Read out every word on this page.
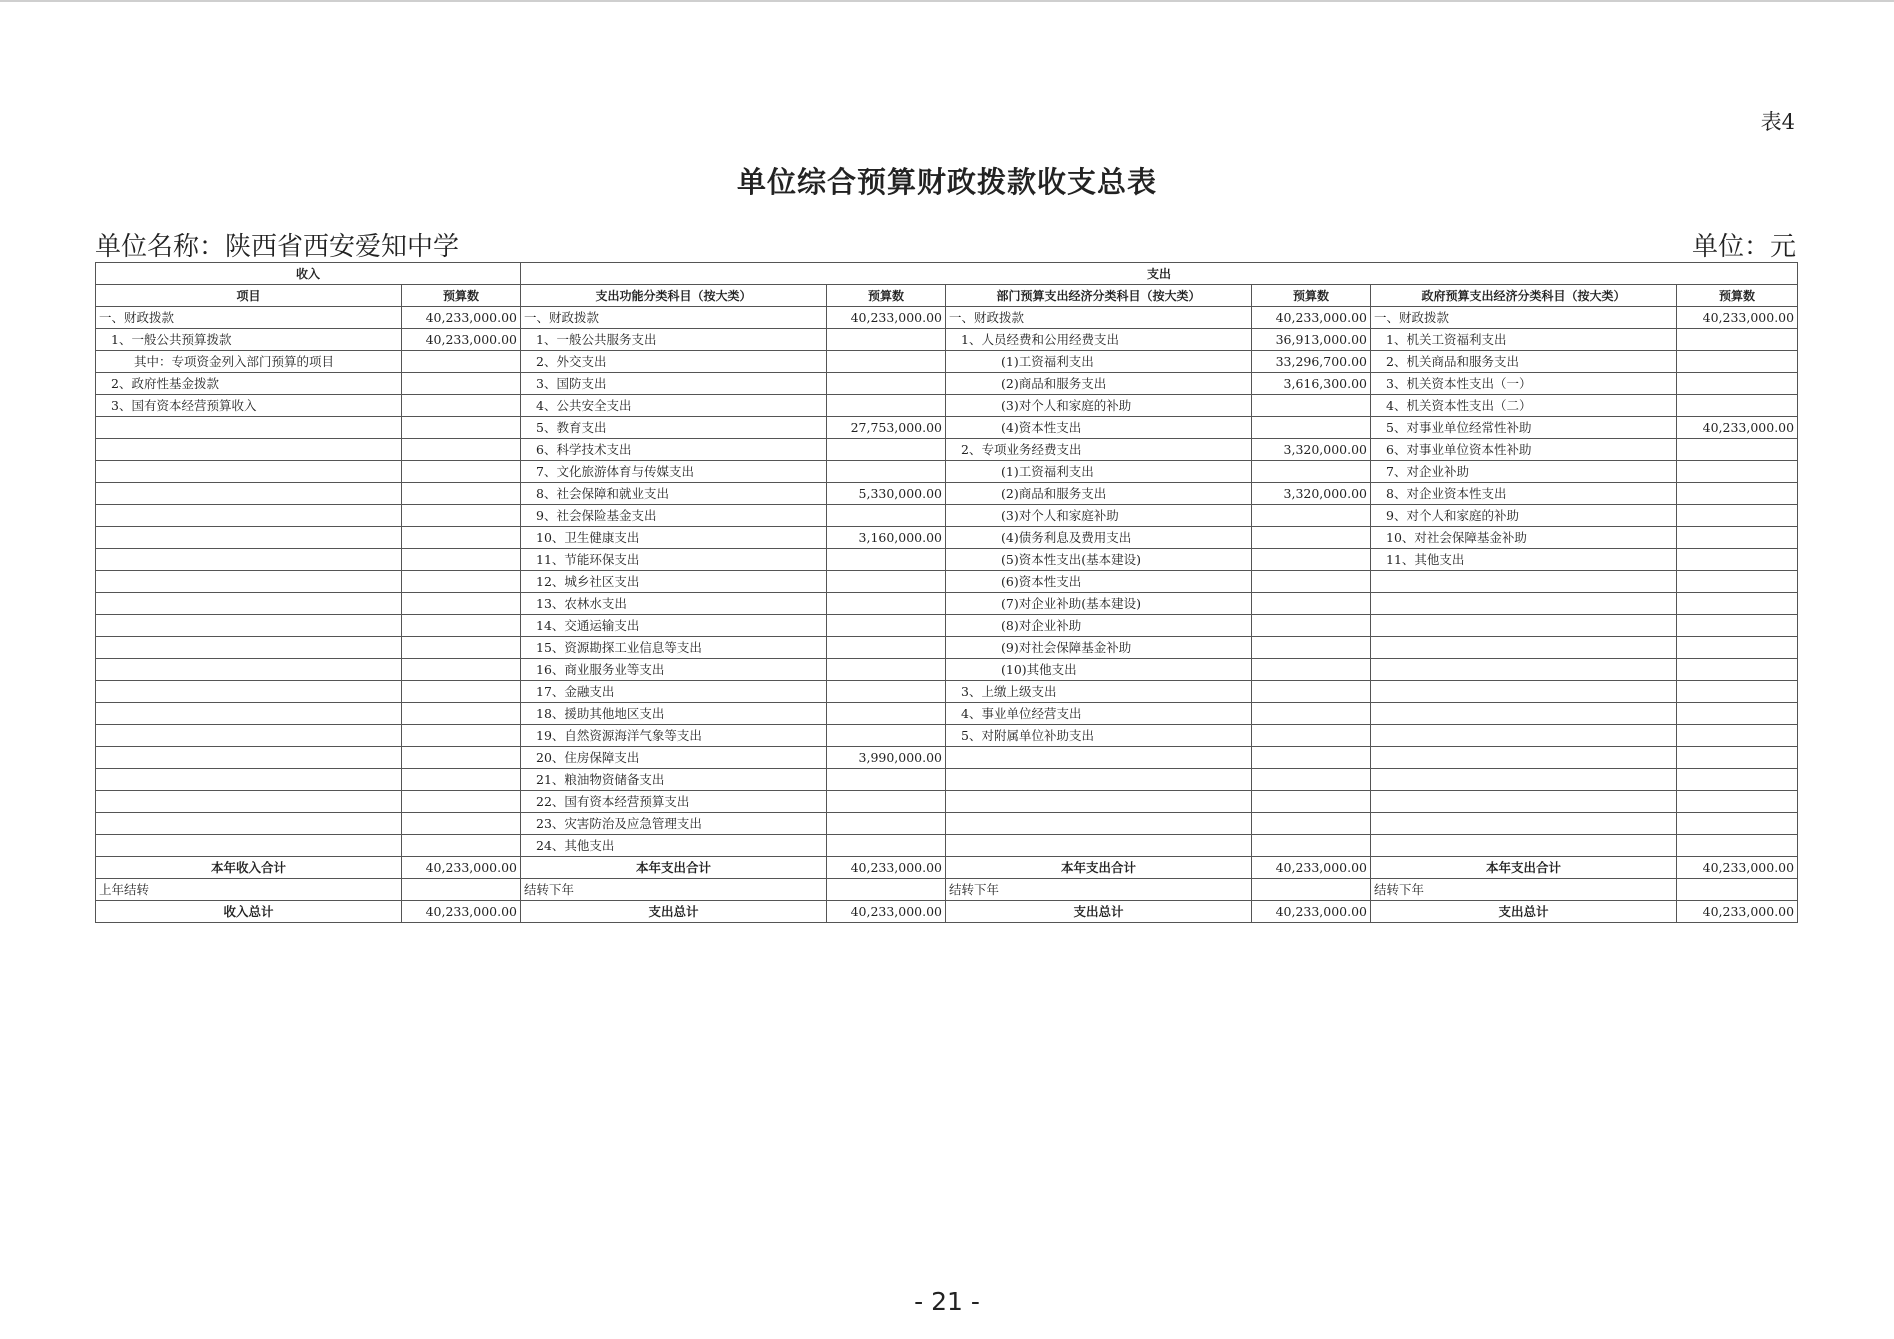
表4
单位综合预算财政拨款收支总表
单位名称：陕西省西安爱知中学	单位：元
收入		支出					
项目	预算数	支出功能分类科目（按大类）	预算数	部门预算支出经济分类科目（按大类）	预算数	政府预算支出经济分类科目（按大类）	预算数
一、财政拨款	40,233,000.00	一、财政拨款	40,233,000.00	一、财政拨款	40,233,000.00	一、财政拨款	40,233,000.00
1、一般公共预算拨款	40,233,000.00	1、一般公共服务支出		1、人员经费和公用经费支出	36,913,000.00	1、机关工资福利支出	
其中：专项资金列入部门预算的项目		2、外交支出		(1)工资福利支出	33,296,700.00	2、机关商品和服务支出	
2、政府性基金拨款		3、国防支出		(2)商品和服务支出	3,616,300.00	3、机关资本性支出（一）	
3、国有资本经营预算收入		4、公共安全支出		(3)对个人和家庭的补助		4、机关资本性支出（二）	
		5、教育支出	27,753,000.00	(4)资本性支出		5、对事业单位经常性补助	40,233,000.00
		6、科学技术支出		2、专项业务经费支出	3,320,000.00	6、对事业单位资本性补助	
		7、文化旅游体育与传媒支出		(1)工资福利支出		7、对企业补助	
		8、社会保障和就业支出	5,330,000.00	(2)商品和服务支出	3,320,000.00	8、对企业资本性支出	
		9、社会保险基金支出		(3)对个人和家庭补助		9、对个人和家庭的补助	
		10、卫生健康支出	3,160,000.00	(4)债务利息及费用支出		10、对社会保障基金补助	
		11、节能环保支出		(5)资本性支出(基本建设)		11、其他支出	
		12、城乡社区支出		(6)资本性支出			
		13、农林水支出		(7)对企业补助(基本建设)			
		14、交通运输支出		(8)对企业补助			
		15、资源勘探工业信息等支出		(9)对社会保障基金补助			
		16、商业服务业等支出		(10)其他支出			
		17、金融支出		3、上缴上级支出			
		18、援助其他地区支出		4、事业单位经营支出			
		19、自然资源海洋气象等支出		5、对附属单位补助支出			
		20、住房保障支出	3,990,000.00				
		21、粮油物资储备支出					
		22、国有资本经营预算支出					
		23、灾害防治及应急管理支出					
		24、其他支出					
本年收入合计	40,233,000.00	本年支出合计	40,233,000.00	本年支出合计	40,233,000.00	本年支出合计	40,233,000.00
上年结转		结转下年		结转下年		结转下年	
收入总计	40,233,000.00	支出总计	40,233,000.00	支出总计	40,233,000.00	支出总计	40,233,000.00
- 21 -
